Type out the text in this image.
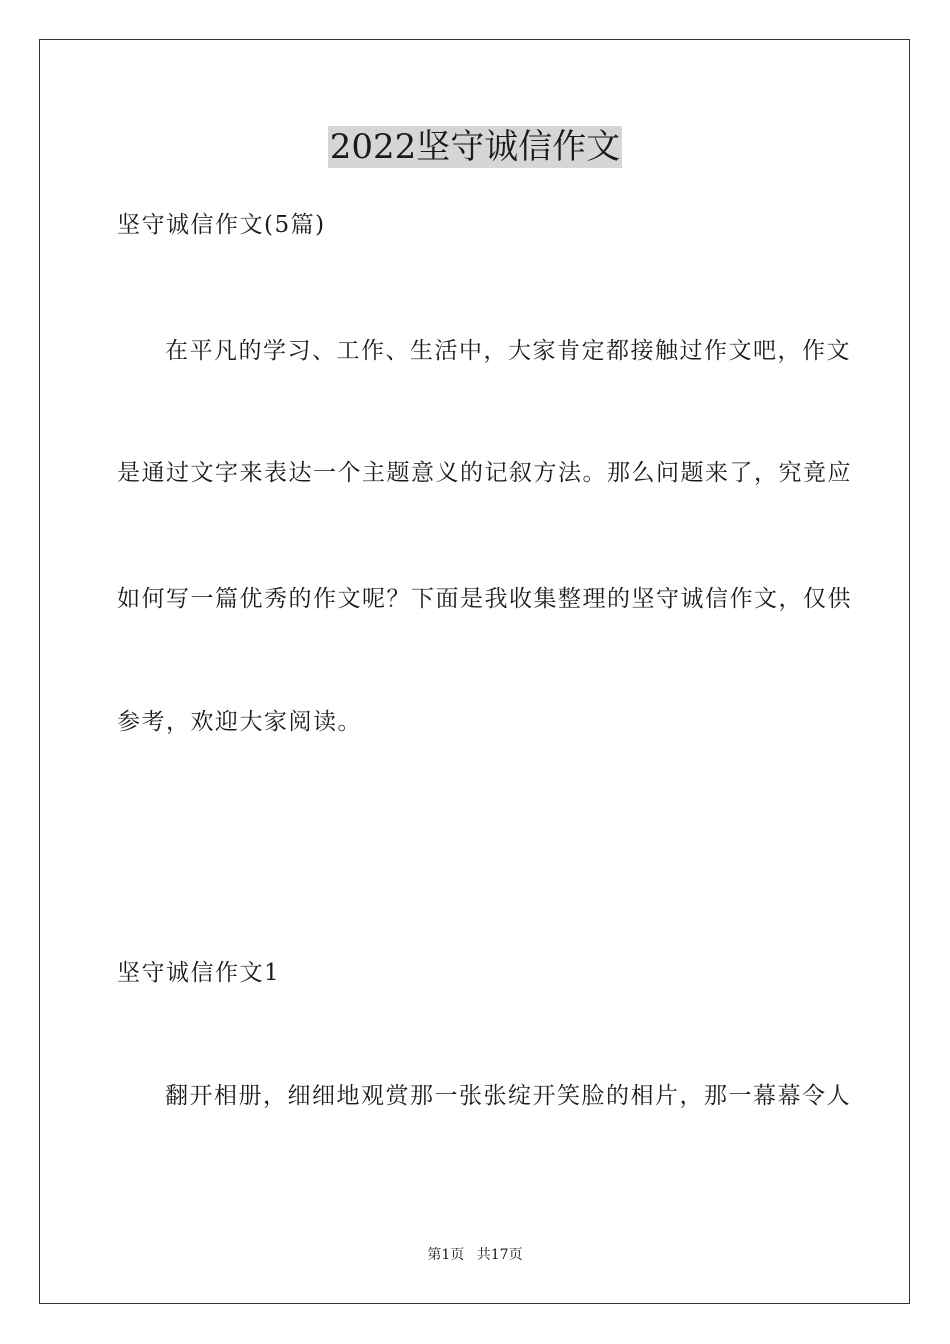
2022坚守诚信作文
坚守诚信作文(5篇)
在平凡的学习、工作、生活中，大家肯定都接触过作文吧，作文
是通过文字来表达一个主题意义的记叙方法。那么问题来了，究竟应
如何写一篇优秀的作文呢？下面是我收集整理的坚守诚信作文，仅供
参考，欢迎大家阅读。
坚守诚信作文1
翻开相册，细细地观赏那一张张绽开笑脸的相片，那一幕幕令人
第1页 共17页
